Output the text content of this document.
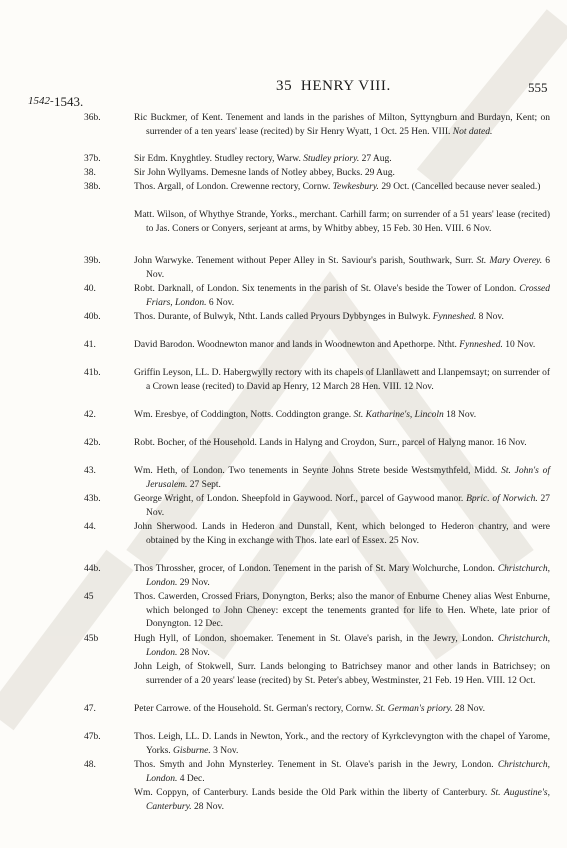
35 HENRY VIII.	555
1542- 1543.
36b.	Ric Buckmer, of Kent. Tenement and lands in the parishes of Milton, Syttyngburn and Burdayn, Kent; on surrender of a ten years' lease (recited) by Sir Henry Wyatt, 1 Oct. 25 Hen. VIII. Not dated.
37b.	Sir Edm. Knyghtley. Studley rectory, Warw. Studley priory. 27 Aug.
38.	Sir John Wyllyams. Demesne lands of Notley abbey, Bucks. 29 Aug.
38b.	Thos. Argall, of London. Crewenne rectory, Cornw. Tewkesbury. 29 Oct. (Cancelled because never sealed.)
Matt. Wilson, of Whythye Strande, Yorks., merchant. Carhill farm; on surrender of a 51 years' lease (recited) to Jas. Coners or Conyers, serjeant at arms, by Whitby abbey, 15 Feb. 30 Hen. VIII. 6 Nov.
39b.	John Warwyke. Tenement without Peper Alley in St. Saviour's parish, Southwark, Surr. St. Mary Overey. 6 Nov.
40.	Robt. Darknall, of London. Six tenements in the parish of St. Olave's beside the Tower of London. Crossed Friars, London. 6 Nov.
40b.	Thos. Durante, of Bulwyk, Ntht. Lands called Pryours Dybbynges in Bulwyk. Fynneshed. 8 Nov.
41.	David Barodon. Woodnewton manor and lands in Woodnewton and Apethorpe. Ntht. Fynneshed. 10 Nov.
41b.	Griffin Leyson, LL. D. Habergwylly rectory with its chapels of Llanllawett and Llanpemsayt; on surrender of a Crown lease (recited) to David ap Henry, 12 March 28 Hen. VIII. 12 Nov.
42.	Wm. Eresbye, of Coddington, Notts. Coddington grange. St. Katharine's, Lincoln 18 Nov.
42b.	Robt. Bocher, of the Household. Lands in Halyng and Croydon, Surr., parcel of Halyng manor. 16 Nov.
43.	Wm. Heth, of London. Two tenements in Seynte Johns Strete beside Westsmythfeld, Midd. St. John's of Jerusalem. 27 Sept.
43b.	George Wright, of London. Sheepfold in Gaywood. Norf., parcel of Gaywood manor. Bpric. of Norwich. 27 Nov.
44.	John Sherwood. Lands in Hederon and Dunstall, Kent, which belonged to Hederon chantry, and were obtained by the King in exchange with Thos. late earl of Essex. 25 Nov.
44b.	Thos Throssher, grocer, of London. Tenement in the parish of St. Mary Wolchurche, London. Christchurch, London. 29 Nov.
45	Thos. Cawerden, Crossed Friars, Donyngton, Berks; also the manor of Enburne Cheney alias West Enburne, which belonged to John Cheney: except the tenements granted for life to Hen. Whete, late prior of Donyngton. 12 Dec.
45b	Hugh Hyll, of London, shoemaker. Tenement in St. Olave's parish, in the Jewry, London. Christchurch, London. 28 Nov.
John Leigh, of Stokwell, Surr. Lands belonging to Batrichsey manor and other lands in Batrichsey; on surrender of a 20 years' lease (recited) by St. Peter's abbey, Westminster, 21 Feb. 19 Hen. VIII. 12 Oct.
47.	Peter Carrowe. of the Household. St. German's rectory, Cornw. St. German's priory. 28 Nov.
47b.	Thos. Leigh, LL. D. Lands in Newton, York., and the rectory of Kyrkclevyngton with the chapel of Yarome, Yorks. Gisburne. 3 Nov.
48.	Thos. Smyth and John Mynsterley. Tenement in St. Olave's parish in the Jewry, London. Christchurch, London. 4 Dec.
Wm. Coppyn, of Canterbury. Lands beside the Old Park within the liberty of Canterbury. St. Augustine's, Canterbury. 28 Nov.
